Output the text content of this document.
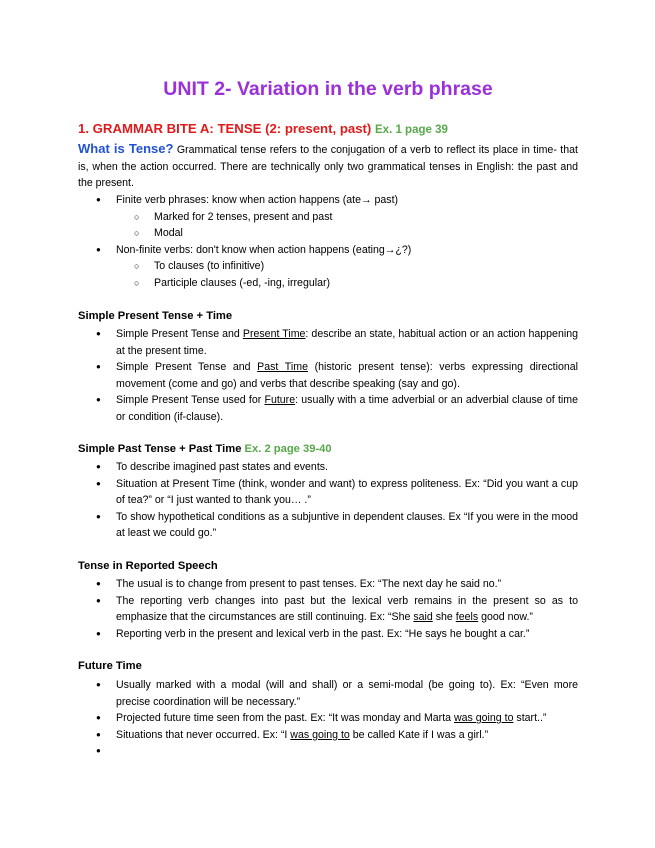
UNIT 2- Variation in the verb phrase
1. GRAMMAR BITE A: TENSE (2: present, past) Ex. 1 page 39
What is Tense? Grammatical tense refers to the conjugation of a verb to reflect its place in time- that is, when the action occurred. There are technically only two grammatical tenses in English: the past and the present.
● Finite verb phrases: know when action happens (ate→ past)
○ Marked for 2 tenses, present and past
○ Modal
● Non-finite verbs: don't know when action happens (eating→¿?)
○ To clauses (to infinitive)
○ Participle clauses (-ed, -ing, irregular)
Simple Present Tense + Time
● Simple Present Tense and Present Time: describe an state, habitual action or an action happening at the present time.
● Simple Present Tense and Past Time (historic present tense): verbs expressing directional movement (come and go) and verbs that describe speaking (say and go).
● Simple Present Tense used for Future: usually with a time adverbial or an adverbial clause of time or condition (if-clause).
Simple Past Tense + Past Time Ex. 2 page 39-40
● To describe imagined past states and events.
● Situation at Present Time (think, wonder and want) to express politeness. Ex: “Did you want a cup of tea?” or “I just wanted to thank you… .”
● To show hypothetical conditions as a subjuntive in dependent clauses. Ex “If you were in the mood at least we could go.”
Tense in Reported Speech
● The usual is to change from present to past tenses. Ex: “The next day he said no.”
● The reporting verb changes into past but the lexical verb remains in the present so as to emphasize that the circumstances are still continuing. Ex: “She said she feels good now.”
● Reporting verb in the present and lexical verb in the past. Ex: “He says he bought a car.”
Future Time
● Usually marked with a modal (will and shall) or a semi-modal (be going to). Ex: “Even more precise coordination will be necessary.”
● Projected future time seen from the past. Ex: “It was monday and Marta was going to start..”
● Situations that never occurred. Ex: “I was going to be called Kate if I was a girl.”
